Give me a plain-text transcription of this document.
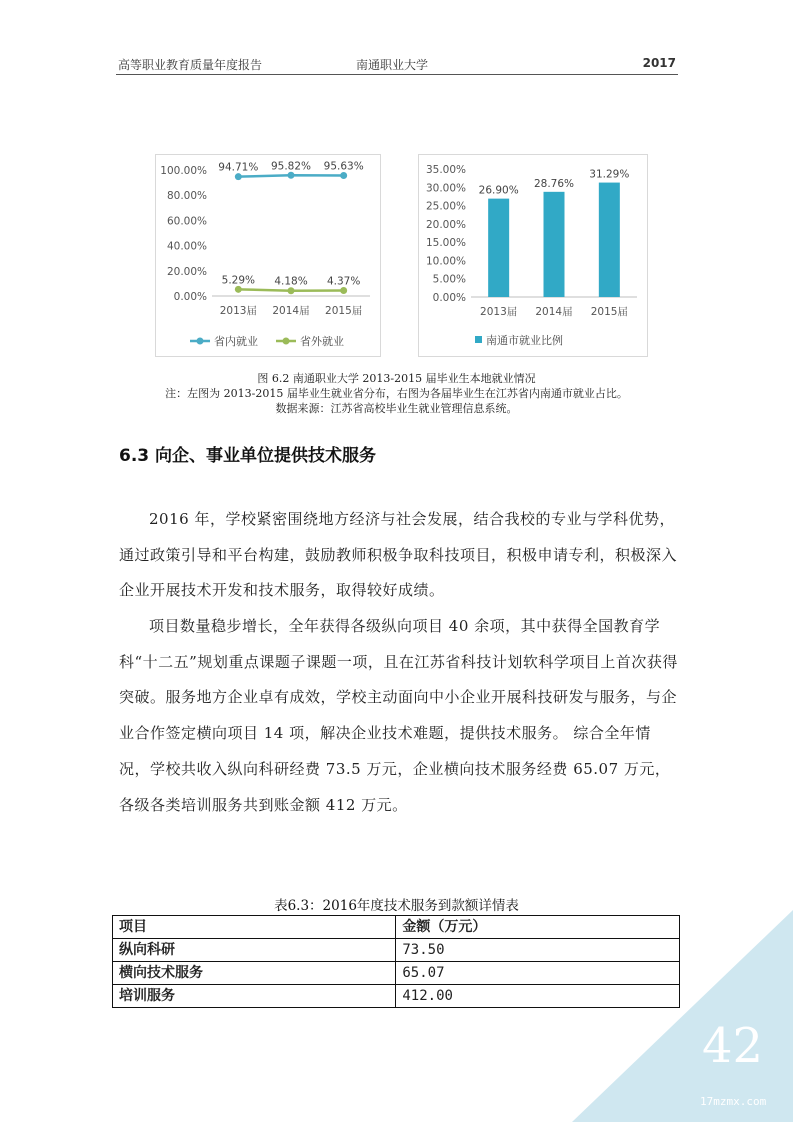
高等职业教育质量年度报告	南通职业大学	2017
100.00%
80.00%
60.00%
40.00%
20.00%
0.00%
2013届 2014届 2015届
94.71% 95.82% 95.63%
5.29% 4.18% 4.37%
省内就业	省外就业
35.00%
30.00%
25.00%
20.00%
15.00%
10.00%
5.00%
0.00%
26.90%
2013届
28.76%
2014届
31.29%
2015届
南通市就业比例
图 6.2 南通职业大学 2013-2015 届毕业生本地就业情况
注：左图为 2013-2015 届毕业生就业省分布，右图为各届毕业生在江苏省内南通市就业占比。
数据来源：江苏省高校毕业生就业管理信息系统。
6.3 向企、事业单位提供技术服务

2016 年，学校紧密围绕地方经济与社会发展，结合我校的专业与学科优势，通过政策引导和平台构建，鼓励教师积极争取科技项目，积极申请专利，积极深入企业开展技术开发和技术服务，取得较好成绩。

项目数量稳步增长，全年获得各级纵向项目 40 余项，其中获得全国教育学科“十二五”规划重点课题子课题一项，且在江苏省科技计划软科学项目上首次获得突破。服务地方企业卓有成效，学校主动面向中小企业开展科技研发与服务，与企业合作签定横向项目 14 项，解决企业技术难题，提供技术服务。 综合全年情况，学校共收入纵向科研经费 73.5 万元，企业横向技术服务经费 65.07 万元，各级各类培训服务共到账金额 412 万元。

表6.3：2016年度技术服务到款额详情表
项目	金额（万元）
纵向科研	73.50
横向技术服务	65.07
培训服务	412.00
42
17mzmx.com
